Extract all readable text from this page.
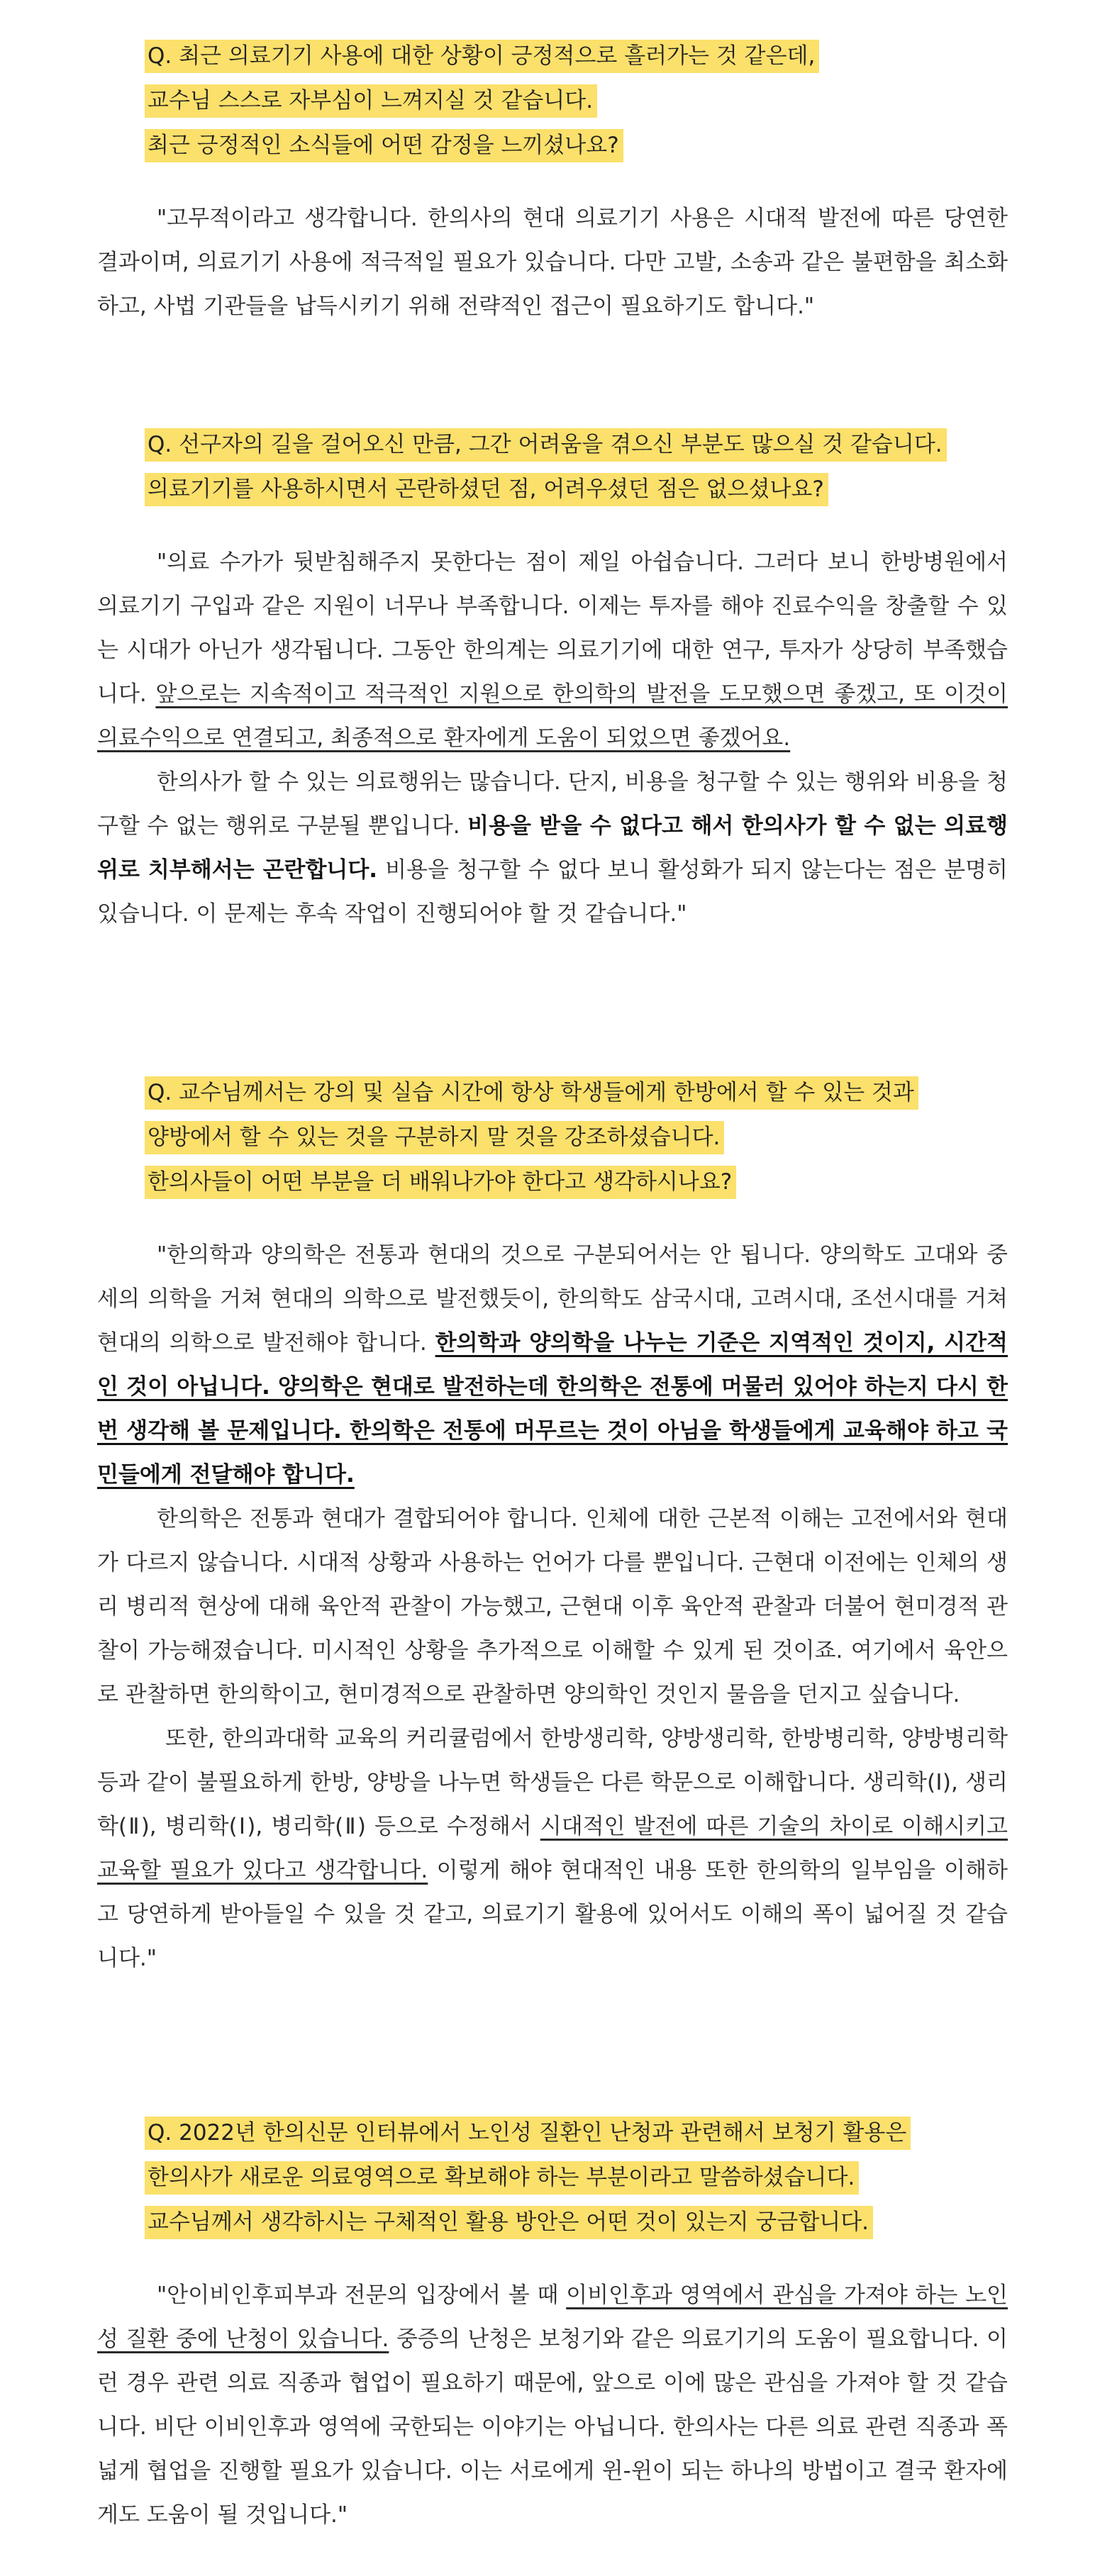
Q. 최근 의료기기 사용에 대한 상황이 긍정적으로 흘러가는 것 같은데,
교수님 스스로 자부심이 느껴지실 것 같습니다.
최근 긍정적인 소식들에 어떤 감정을 느끼셨나요?

"고무적이라고 생각합니다. 한의사의 현대 의료기기 사용은 시대적 발전에 따른 당연한 결과이며, 의료기기 사용에 적극적일 필요가 있습니다. 다만 고발, 소송과 같은 불편함을 최소화하고, 사법 기관들을 납득시키기 위해 전략적인 접근이 필요하기도 합니다."

Q. 선구자의 길을 걸어오신 만큼, 그간 어려움을 겪으신 부분도 많으실 것 같습니다.
의료기기를 사용하시면서 곤란하셨던 점, 어려우셨던 점은 없으셨나요?

"의료 수가가 뒷받침해주지 못한다는 점이 제일 아쉽습니다. 그러다 보니 한방병원에서 의료기기 구입과 같은 지원이 너무나 부족합니다. 이제는 투자를 해야 진료수익을 창출할 수 있는 시대가 아닌가 생각됩니다. 그동안 한의계는 의료기기에 대한 연구, 투자가 상당히 부족했습니다. 앞으로는 지속적이고 적극적인 지원으로 한의학의 발전을 도모했으면 좋겠고, 또 이것이 의료수익으로 연결되고, 최종적으로 환자에게 도움이 되었으면 좋겠어요.

한의사가 할 수 있는 의료행위는 많습니다. 단지, 비용을 청구할 수 있는 행위와 비용을 청구할 수 없는 행위로 구분될 뿐입니다. 비용을 받을 수 없다고 해서 한의사가 할 수 없는 의료행위로 치부해서는 곤란합니다. 비용을 청구할 수 없다 보니 활성화가 되지 않는다는 점은 분명히 있습니다. 이 문제는 후속 작업이 진행되어야 할 것 같습니다."

Q. 교수님께서는 강의 및 실습 시간에 항상 학생들에게 한방에서 할 수 있는 것과
양방에서 할 수 있는 것을 구분하지 말 것을 강조하셨습니다.
한의사들이 어떤 부분을 더 배워나가야 한다고 생각하시나요?

"한의학과 양의학은 전통과 현대의 것으로 구분되어서는 안 됩니다. 양의학도 고대와 중세의 의학을 거쳐 현대의 의학으로 발전했듯이, 한의학도 삼국시대, 고려시대, 조선시대를 거쳐 현대의 의학으로 발전해야 합니다. 한의학과 양의학을 나누는 기준은 지역적인 것이지, 시간적인 것이 아닙니다. 양의학은 현대로 발전하는데 한의학은 전통에 머물러 있어야 하는지 다시 한번 생각해 볼 문제입니다. 한의학은 전통에 머무르는 것이 아님을 학생들에게 교육해야 하고 국민들에게 전달해야 합니다.

한의학은 전통과 현대가 결합되어야 합니다. 인체에 대한 근본적 이해는 고전에서와 현대가 다르지 않습니다. 시대적 상황과 사용하는 언어가 다를 뿐입니다. 근현대 이전에는 인체의 생리 병리적 현상에 대해 육안적 관찰이 가능했고, 근현대 이후 육안적 관찰과 더불어 현미경적 관찰이 가능해졌습니다. 미시적인 상황을 추가적으로 이해할 수 있게 된 것이죠. 여기에서 육안으로 관찰하면 한의학이고, 현미경적으로 관찰하면 양의학인 것인지 물음을 던지고 싶습니다.

또한, 한의과대학 교육의 커리큘럼에서 한방생리학, 양방생리학, 한방병리학, 양방병리학 등과 같이 불필요하게 한방, 양방을 나누면 학생들은 다른 학문으로 이해합니다. 생리학(Ⅰ), 생리학(Ⅱ), 병리학(Ⅰ), 병리학(Ⅱ) 등으로 수정해서 시대적인 발전에 따른 기술의 차이로 이해시키고 교육할 필요가 있다고 생각합니다. 이렇게 해야 현대적인 내용 또한 한의학의 일부임을 이해하고 당연하게 받아들일 수 있을 것 같고, 의료기기 활용에 있어서도 이해의 폭이 넓어질 것 같습니다."

Q. 2022년 한의신문 인터뷰에서 노인성 질환인 난청과 관련해서 보청기 활용은
한의사가 새로운 의료영역으로 확보해야 하는 부분이라고 말씀하셨습니다.
교수님께서 생각하시는 구체적인 활용 방안은 어떤 것이 있는지 궁금합니다.

"안이비인후피부과 전문의 입장에서 볼 때 이비인후과 영역에서 관심을 가져야 하는 노인성 질환 중에 난청이 있습니다. 중증의 난청은 보청기와 같은 의료기기의 도움이 필요합니다. 이런 경우 관련 의료 직종과 협업이 필요하기 때문에, 앞으로 이에 많은 관심을 가져야 할 것 같습니다. 비단 이비인후과 영역에 국한되는 이야기는 아닙니다. 한의사는 다른 의료 관련 직종과 폭넓게 협업을 진행할 필요가 있습니다. 이는 서로에게 윈-윈이 되는 하나의 방법이고 결국 환자에게도 도움이 될 것입니다."
